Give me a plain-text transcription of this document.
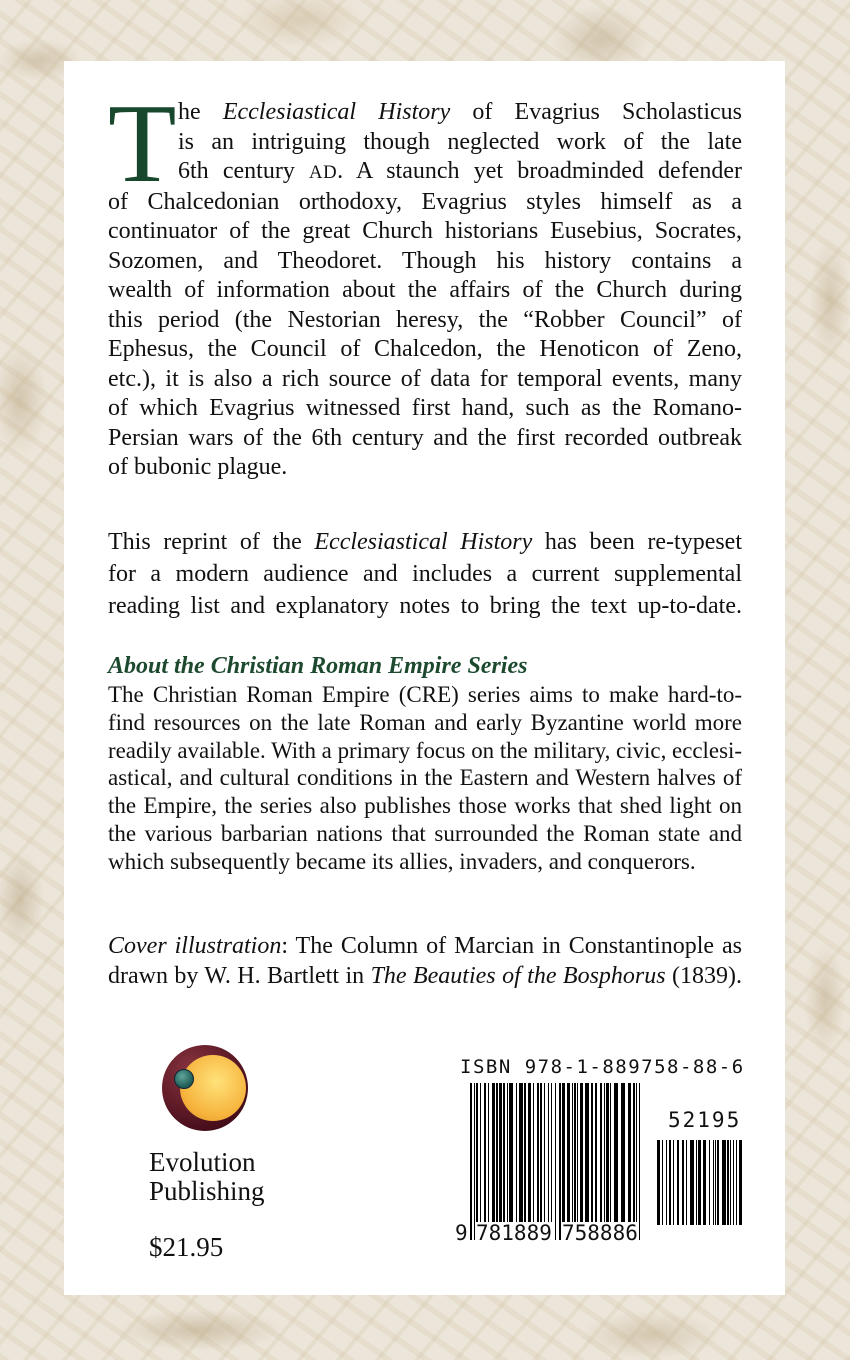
T he Ecclesiastical History of Evagrius Scholasticus
is an intriguing though neglected work of the late
6th century AD. A staunch yet broadminded defender
of Chalcedonian orthodoxy, Evagrius styles himself as a
continuator of the great Church historians Eusebius, Socrates,
Sozomen, and Theodoret. Though his history contains a
wealth of information about the affairs of the Church during
this period (the Nestorian heresy, the “Robber Council” of
Ephesus, the Council of Chalcedon, the Henoticon of Zeno,
etc.), it is also a rich source of data for temporal events, many
of which Evagrius witnessed first hand, such as the Romano-
Persian wars of the 6th century and the first recorded outbreak
of bubonic plague.
This reprint of the Ecclesiastical History has been re-typeset
for a modern audience and includes a current supplemental
reading list and explanatory notes to bring the text up-to-date.
About the Christian Roman Empire Series
The Christian Roman Empire (CRE) series aims to make hard-to-
find resources on the late Roman and early Byzantine world more
readily available. With a primary focus on the military, civic, ecclesi-
astical, and cultural conditions in the Eastern and Western halves of
the Empire, the series also publishes those works that shed light on
the various barbarian nations that surrounded the Roman state and
which subsequently became its allies, invaders, and conquerors.
Cover illustration: The Column of Marcian in Constantinople as
drawn by W. H. Bartlett in The Beauties of the Bosphorus (1839).
Evolution
Publishing
$21.95
ISBN 978-1-889758-88-6
52195
9 781889 758886
